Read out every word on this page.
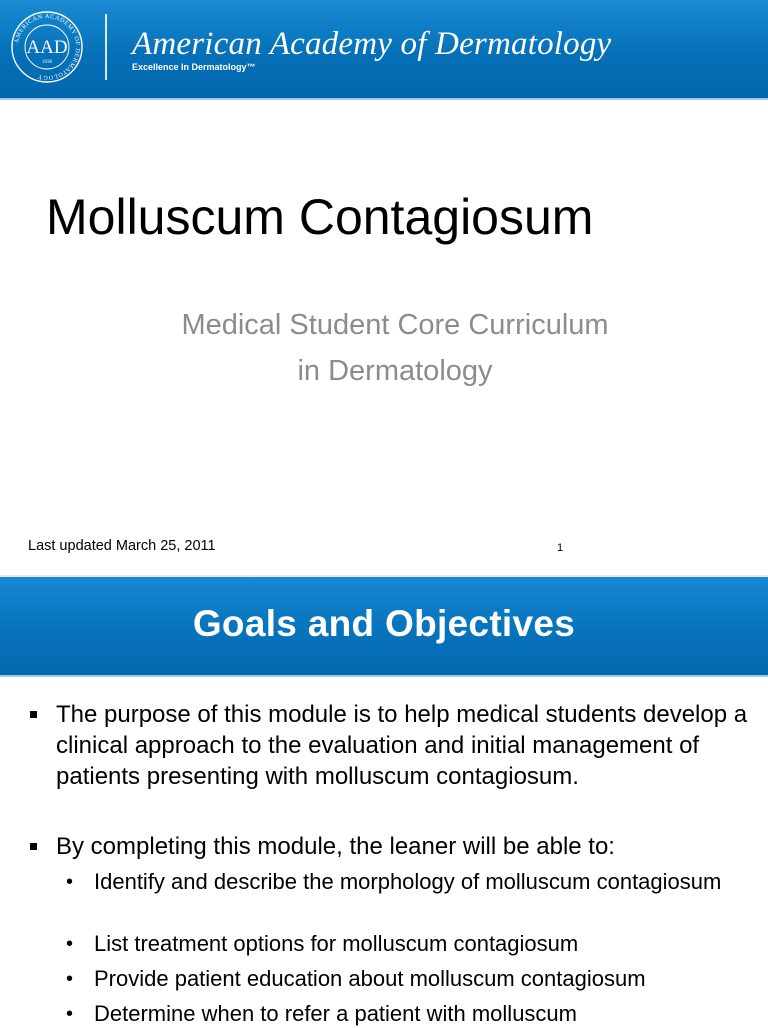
AMERICAN ACADEMY OF DERMATOLOGY
AAD
1938
American Academy of Dermatology
Excellence In Dermatology™
Molluscum Contagiosum
Medical Student Core Curriculum
in Dermatology
Last updated March 25, 2011	1
Goals and Objectives
The purpose of this module is to help medical students develop a clinical approach to the evaluation and initial management of patients presenting with molluscum contagiosum.
By completing this module, the leaner will be able to:
• Identify and describe the morphology of molluscum contagiosum
• List treatment options for molluscum contagiosum
• Provide patient education about molluscum contagiosum
• Determine when to refer a patient with molluscum
